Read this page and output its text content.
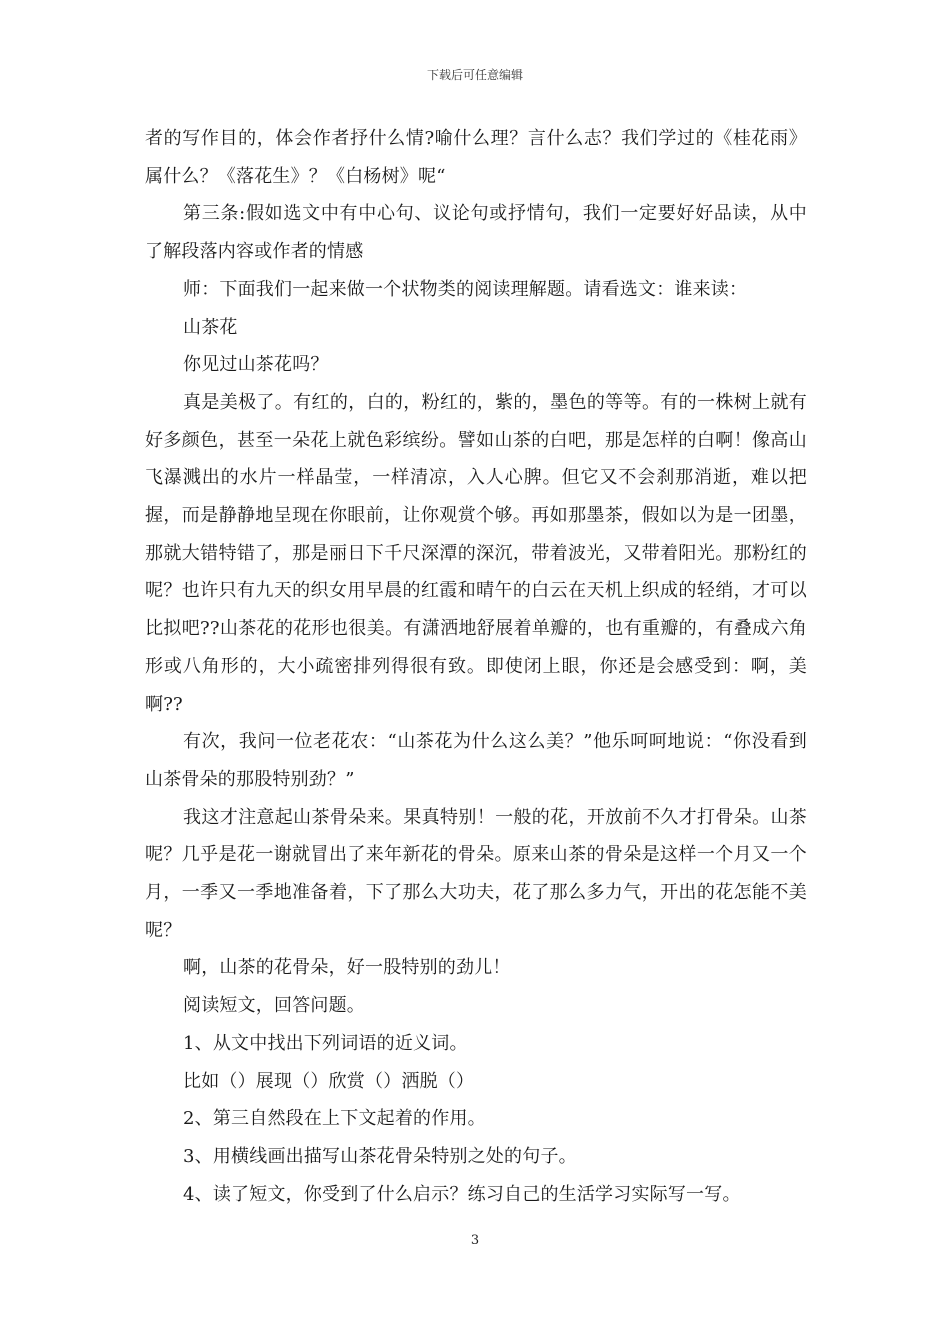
下载后可任意编辑

者的写作目的，体会作者抒什么情?喻什么理？言什么志？我们学过的《桂花雨》属什么？《落花生》？《白杨树》呢“

第三条:假如选文中有中心句、议论句或抒情句，我们一定要好好品读，从中了解段落内容或作者的情感

师：下面我们一起来做一个状物类的阅读理解题。请看选文：谁来读：

山茶花

你见过山茶花吗？

真是美极了。有红的，白的，粉红的，紫的，墨色的等等。有的一株树上就有好多颜色，甚至一朵花上就色彩缤纷。譬如山茶的白吧，那是怎样的白啊！像高山飞瀑溅出的水片一样晶莹，一样清凉，入人心脾。但它又不会刹那消逝，难以把握，而是静静地呈现在你眼前，让你观赏个够。再如那墨茶，假如以为是一团墨，那就大错特错了，那是丽日下千尺深潭的深沉，带着波光，又带着阳光。那粉红的呢？也许只有九天的织女用早晨的红霞和晴午的白云在天机上织成的轻绡，才可以比拟吧??山茶花的花形也很美。有潇洒地舒展着单瓣的，也有重瓣的，有叠成六角形或八角形的，大小疏密排列得很有致。即使闭上眼，你还是会感受到：啊，美啊??

有次，我问一位老花农：“山茶花为什么这么美？”他乐呵呵地说：“你没看到山茶骨朵的那股特别劲？”

我这才注意起山茶骨朵来。果真特别！一般的花，开放前不久才打骨朵。山茶呢？几乎是花一谢就冒出了来年新花的骨朵。原来山茶的骨朵是这样一个月又一个月，一季又一季地准备着，下了那么大功夫，花了那么多力气，开出的花怎能不美呢？

啊，山茶的花骨朵，好一股特别的劲儿！

阅读短文，回答问题。

1、从文中找出下列词语的近义词。

比如（）展现（）欣赏（）洒脱（）

2、第三自然段在上下文起着的作用。

3、用横线画出描写山茶花骨朵特别之处的句子。

4、读了短文，你受到了什么启示？练习自己的生活学习实际写一写。

3
